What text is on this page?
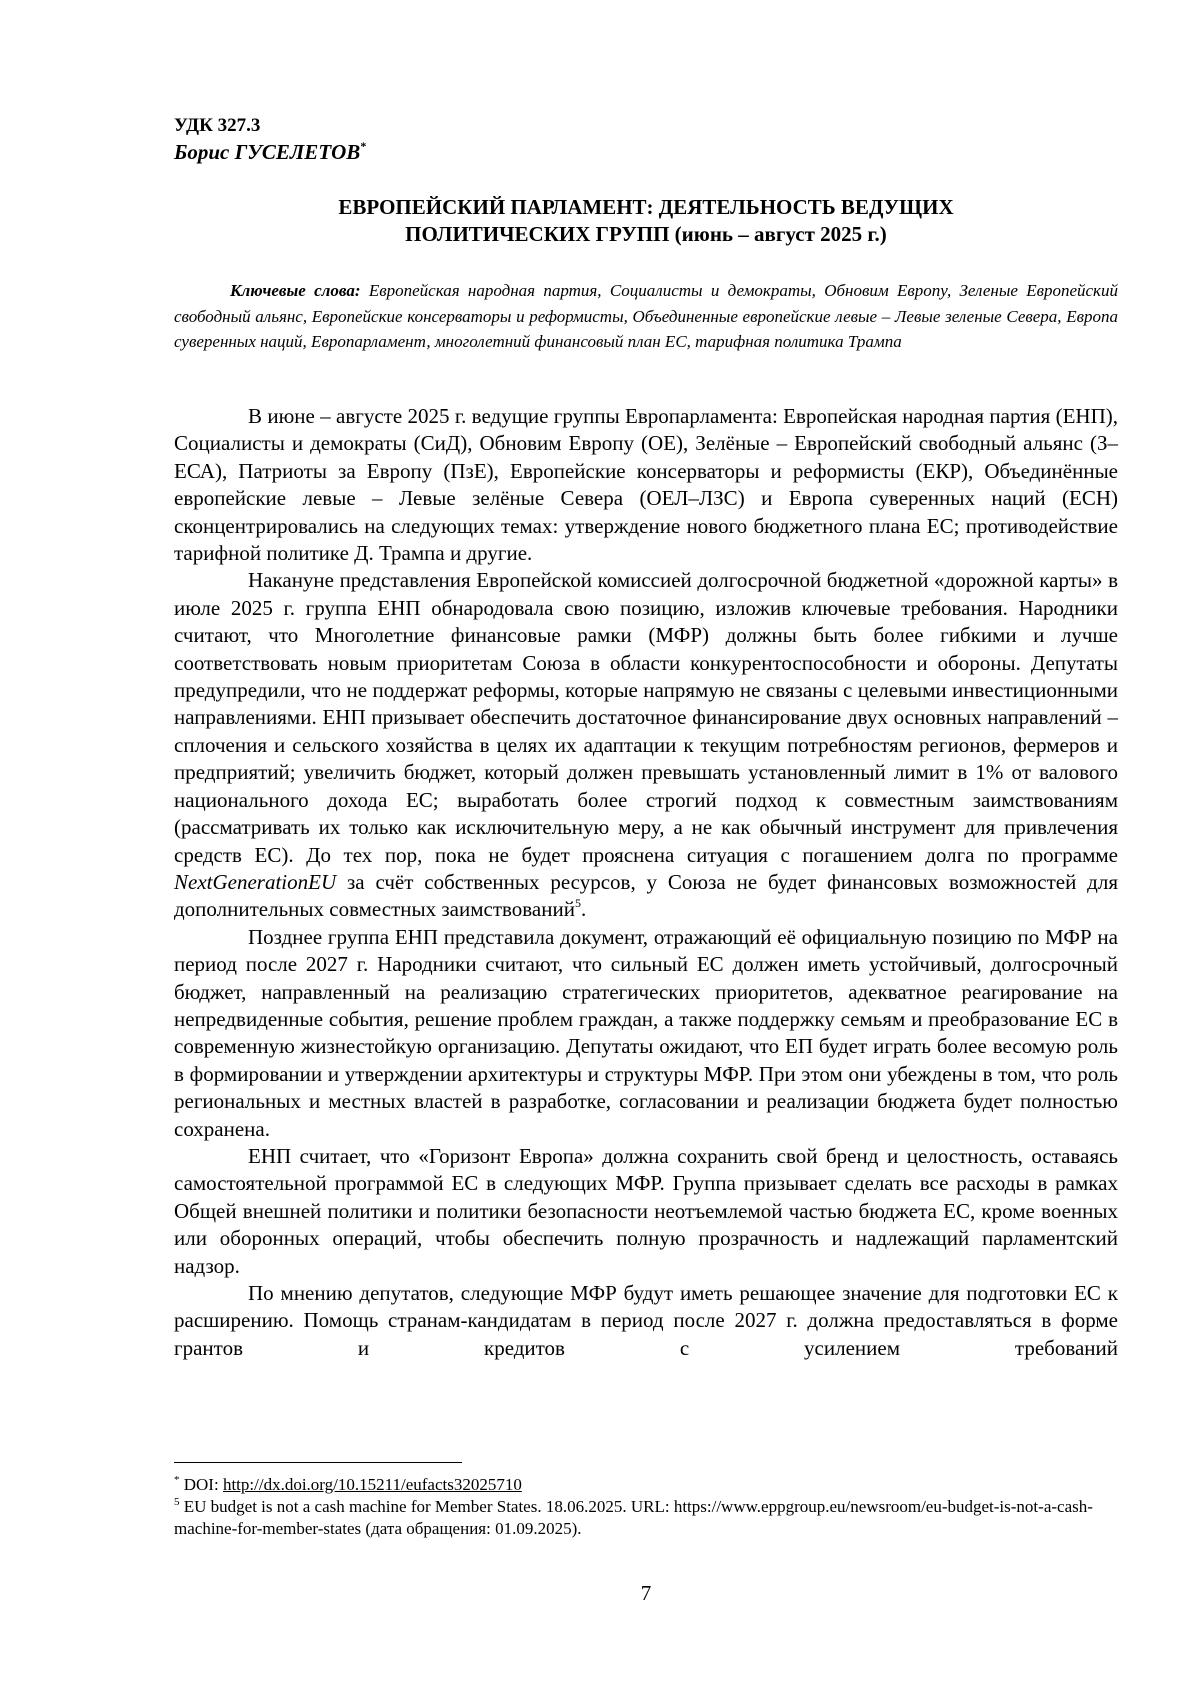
УДК 327.3

Борис ГУСЕЛЕТОВ*

ЕВРОПЕЙСКИЙ ПАРЛАМЕНТ: ДЕЯТЕЛЬНОСТЬ ВЕДУЩИХ
ПОЛИТИЧЕСКИХ ГРУПП (июнь – август 2025 г.)

Ключевые слова: Европейская народная партия, Социалисты и демократы, Обновим Европу, Зеленые Европейский свободный альянс, Европейские консерваторы и реформисты, Объединенные европейские левые – Левые зеленые Севера, Европа суверенных наций, Европарламент, многолетний финансовый план ЕС, тарифная политика Трампа

В июне – августе 2025 г. ведущие группы Европарламента: Европейская народная партия (ЕНП), Социалисты и демократы (СиД), Обновим Европу (ОЕ), Зелёные – Европейский свободный альянс (З–ЕСА), Патриоты за Европу (ПзЕ), Европейские консерваторы и реформисты (ЕКР), Объединённые европейские левые – Левые зелёные Севера (ОЕЛ–ЛЗС) и Европа суверенных наций (ЕСН) сконцентрировались на следующих темах: утверждение нового бюджетного плана ЕС; противодействие тарифной политике Д. Трампа и другие.

Накануне представления Европейской комиссией долгосрочной бюджетной «дорожной карты» в июле 2025 г. группа ЕНП обнародовала свою позицию, изложив ключевые требования. Народники считают, что Многолетние финансовые рамки (МФР) должны быть более гибкими и лучше соответствовать новым приоритетам Союза в области конкурентоспособности и обороны. Депутаты предупредили, что не поддержат реформы, которые напрямую не связаны с целевыми инвестиционными направлениями. ЕНП призывает обеспечить достаточное финансирование двух основных направлений – сплочения и сельского хозяйства в целях их адаптации к текущим потребностям регионов, фермеров и предприятий; увеличить бюджет, который должен превышать установленный лимит в 1% от валового национального дохода ЕС; выработать более строгий подход к совместным заимствованиям (рассматривать их только как исключительную меру, а не как обычный инструмент для привлечения средств ЕС). До тех пор, пока не будет прояснена ситуация с погашением долга по программе NextGenerationEU за счёт собственных ресурсов, у Союза не будет финансовых возможностей для дополнительных совместных заимствований$^5$.

Позднее группа ЕНП представила документ, отражающий её официальную позицию по МФР на период после 2027 г. Народники считают, что сильный ЕС должен иметь устойчивый, долгосрочный бюджет, направленный на реализацию стратегических приоритетов, адекватное реагирование на непредвиденные события, решение проблем граждан, а также поддержку семьям и преобразование ЕС в современную жизнестойкую организацию. Депутаты ожидают, что ЕП будет играть более весомую роль в формировании и утверждении архитектуры и структуры МФР. При этом они убеждены в том, что роль региональных и местных властей в разработке, согласовании и реализации бюджета будет полностью сохранена.

ЕНП считает, что «Горизонт Европа» должна сохранить свой бренд и целостность, оставаясь самостоятельной программой ЕС в следующих МФР. Группа призывает сделать все расходы в рамках Общей внешней политики и политики безопасности неотъемлемой частью бюджета ЕС, кроме военных или оборонных операций, чтобы обеспечить полную прозрачность и надлежащий парламентский надзор.

По мнению депутатов, следующие МФР будут иметь решающее значение для подготовки ЕС к расширению. Помощь странам-кандидатам в период после 2027 г. должна предоставляться в форме грантов и кредитов с усилением требований

* DOI: http://dx.doi.org/10.15211/eufacts32025710

$^5$ EU budget is not a cash machine for Member States. 18.06.2025. URL: https://www.eppgroup.eu/newsroom/eu-budget-is-not-a-cash-machine-for-member-states (дата обращения: 01.09.2025).

7
